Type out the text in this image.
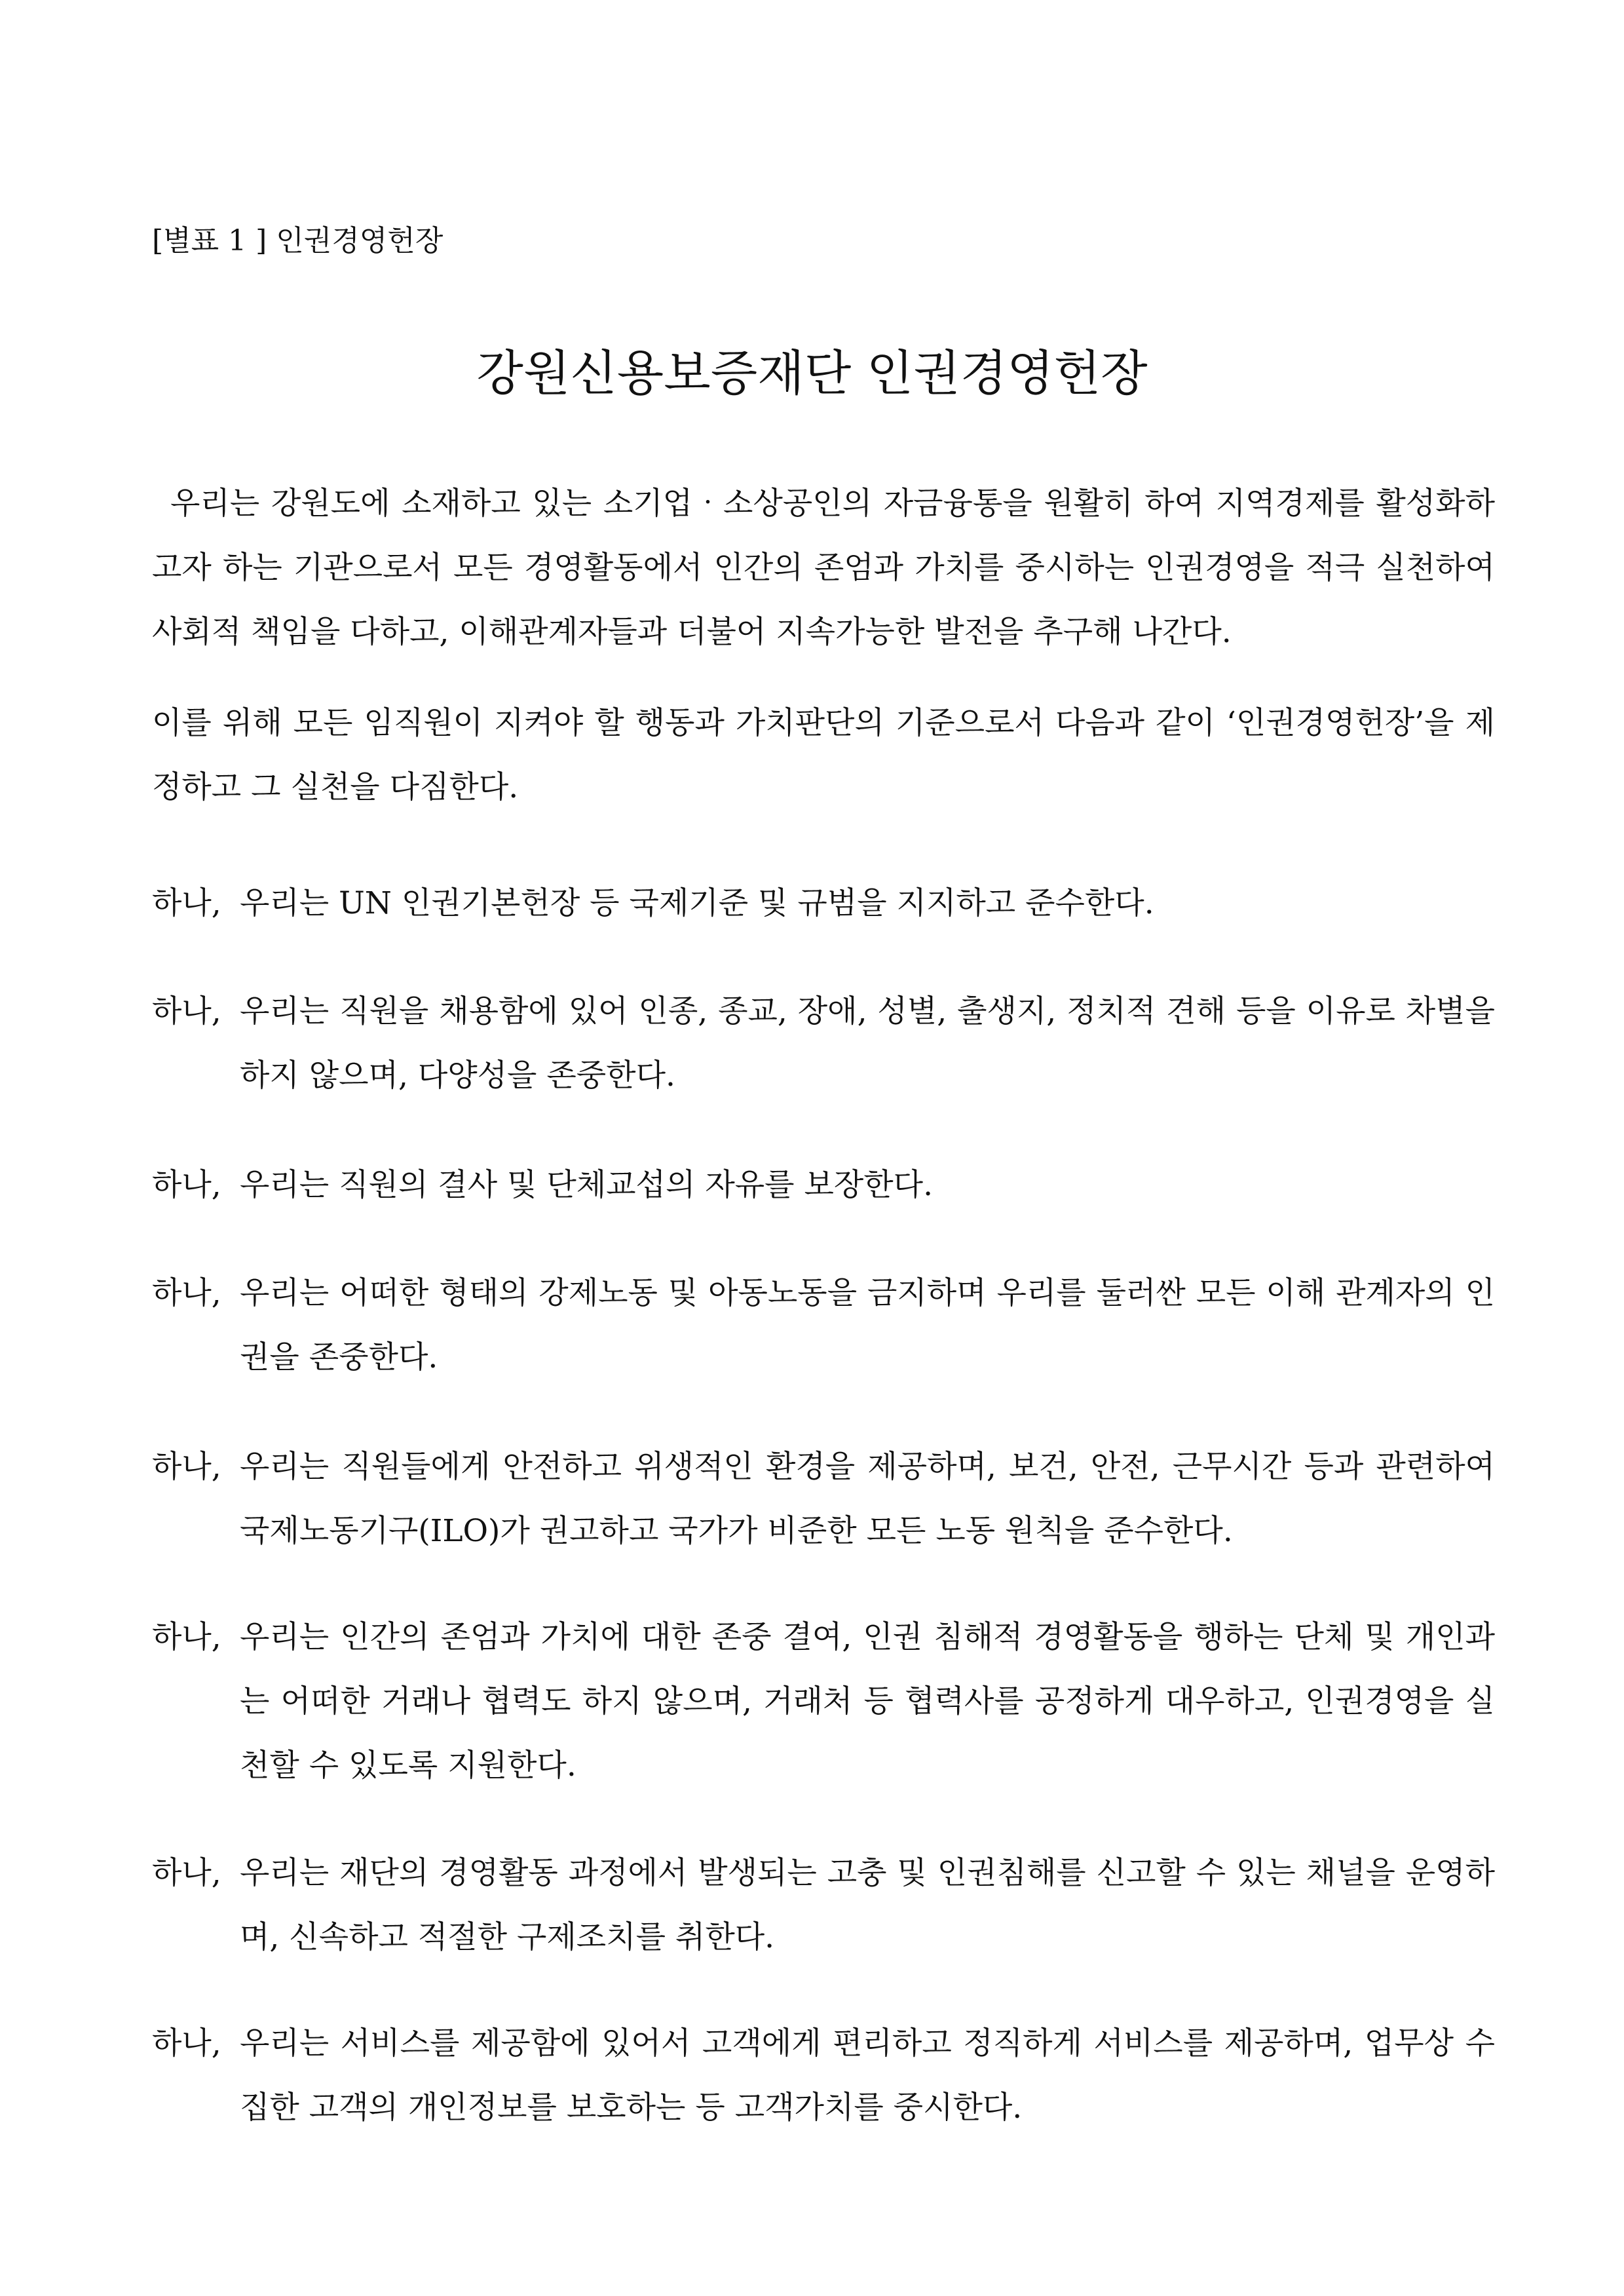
[별표 1 ] 인권경영헌장
강원신용보증재단 인권경영헌장

우리는 강원도에 소재하고 있는 소기업‧소상공인의 자금융통을 원활히 하여 지역경제를 활성화하고자 하는 기관으로서 모든 경영활동에서 인간의 존엄과 가치를 중시하는 인권경영을 적극 실천하여 사회적 책임을 다하고, 이해관계자들과 더불어 지속가능한 발전을 추구해 나간다.

이를 위해 모든 임직원이 지켜야 할 행동과 가치판단의 기준으로서 다음과 같이 ‘인권경영헌장’을 제정하고 그 실천을 다짐한다.

하나, 우리는 UN 인권기본헌장 등 국제기준 및 규범을 지지하고 준수한다.
하나, 우리는 직원을 채용함에 있어 인종, 종교, 장애, 성별, 출생지, 정치적 견해 등을 이유로 차별을 하지 않으며, 다양성을 존중한다.
하나, 우리는 직원의 결사 및 단체교섭의 자유를 보장한다.
하나, 우리는 어떠한 형태의 강제노동 및 아동노동을 금지하며 우리를 둘러싼 모든 이해 관계자의 인권을 존중한다.
하나, 우리는 직원들에게 안전하고 위생적인 환경을 제공하며, 보건, 안전, 근무시간 등과 관련하여 국제노동기구(ILO)가 권고하고 국가가 비준한 모든 노동 원칙을 준수한다.
하나, 우리는 인간의 존엄과 가치에 대한 존중 결여, 인권 침해적 경영활동을 행하는 단체 및 개인과는 어떠한 거래나 협력도 하지 않으며, 거래처 등 협력사를 공정하게 대우하고, 인권경영을 실천할 수 있도록 지원한다.
하나, 우리는 재단의 경영활동 과정에서 발생되는 고충 및 인권침해를 신고할 수 있는 채널을 운영하며, 신속하고 적절한 구제조치를 취한다.
하나, 우리는 서비스를 제공함에 있어서 고객에게 편리하고 정직하게 서비스를 제공하며, 업무상 수집한 고객의 개인정보를 보호하는 등 고객가치를 중시한다.
